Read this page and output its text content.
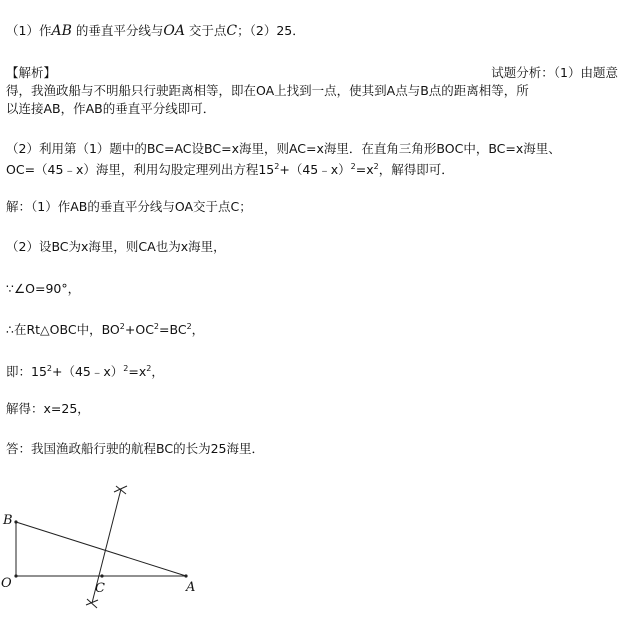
（1）作AB 的垂直平分线与OA 交于点C；（2）25．
【解析】	试题分析：（1）由题意
得，我渔政船与不明船只行驶距离相等，即在OA上找到一点，使其到A点与B点的距离相等，所
以连接AB，作AB的垂直平分线即可．
（2）利用第（1）题中的BC=AC设BC=x海里，则AC=x海里．在直角三角形BOC中，BC=x海里、
OC=（45﹣x）海里，利用勾股定理列出方程$15^2+(45﹣x)^2=x^2$，解得即可．
解：（1）作AB的垂直平分线与OA交于点C；
（2）设BC为x海里，则CA也为x海里，
∵∠O=90°，
∴在Rt△OBC中，$BO^2+OC^2=BC^2$，
即：$15^2+(45﹣x)^2=x^2$，
解得：x=25，
答：我国渔政船行驶的航程BC的长为25海里．
B
O	C	A
